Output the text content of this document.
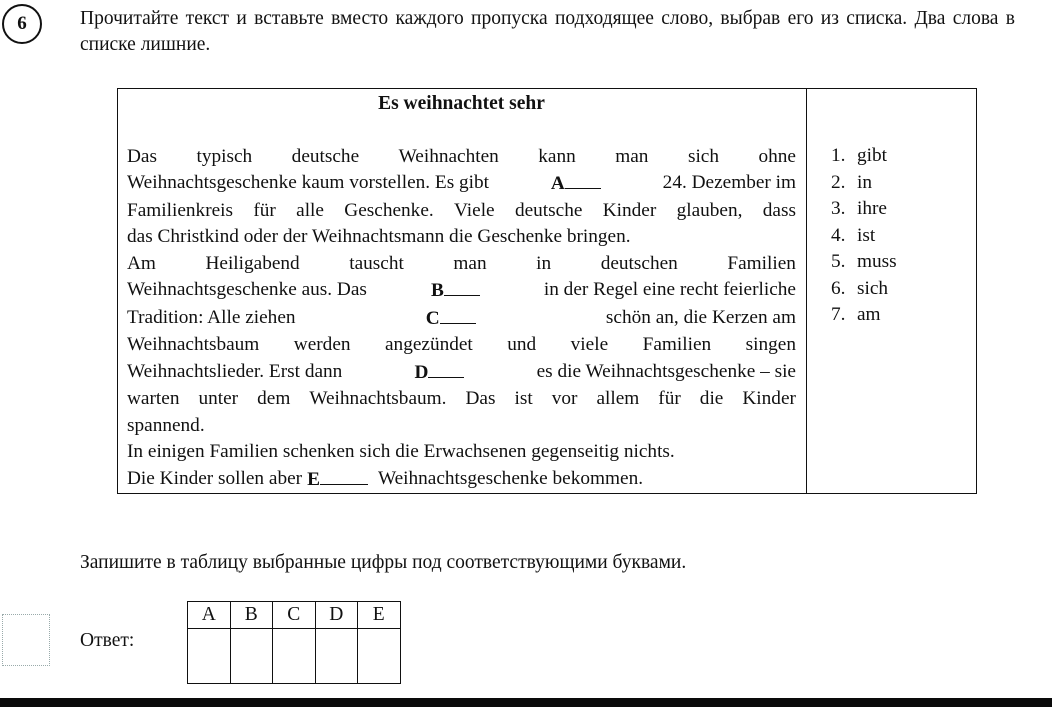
6	Прочитайте текст и вставьте вместо каждого пропуска подходящее слово, выбрав его из списка. Два слова в списке лишние.
Es weihnachtet sehr
Das typisch deutsche Weihnachten kann man sich ohne
Weihnachtsgeschenke kaum vorstellen. Es gibt	A	24. Dezember im
Familienkreis für alle Geschenke. Viele deutsche Kinder glauben, dass
das Christkind oder der Weihnachtsmann die Geschenke bringen.
Am	Heiligabend	tauscht	man	in	deutschen	Familien
Weihnachtsgeschenke aus. Das	B	in der Regel eine recht feierliche
Tradition: Alle ziehen	C	schön an, die Kerzen am
Weihnachtsbaum werden angezündet und viele Familien singen
Weihnachtslieder. Erst dann	D	es die Weihnachtsgeschenke – sie
warten unter dem Weihnachtsbaum. Das ist vor allem für die Kinder
spannend.
In einigen Familien schenken sich die Erwachsenen gegenseitig nichts.
Die Kinder sollen aber E	Weihnachtsgeschenke bekommen.

1. gibt
2. in
3. ihre
4. ist
5. muss
6. sich
7. am
Запишите в таблицу выбранные цифры под соответствующими буквами.
Ответ:
A	B	C	D	E
